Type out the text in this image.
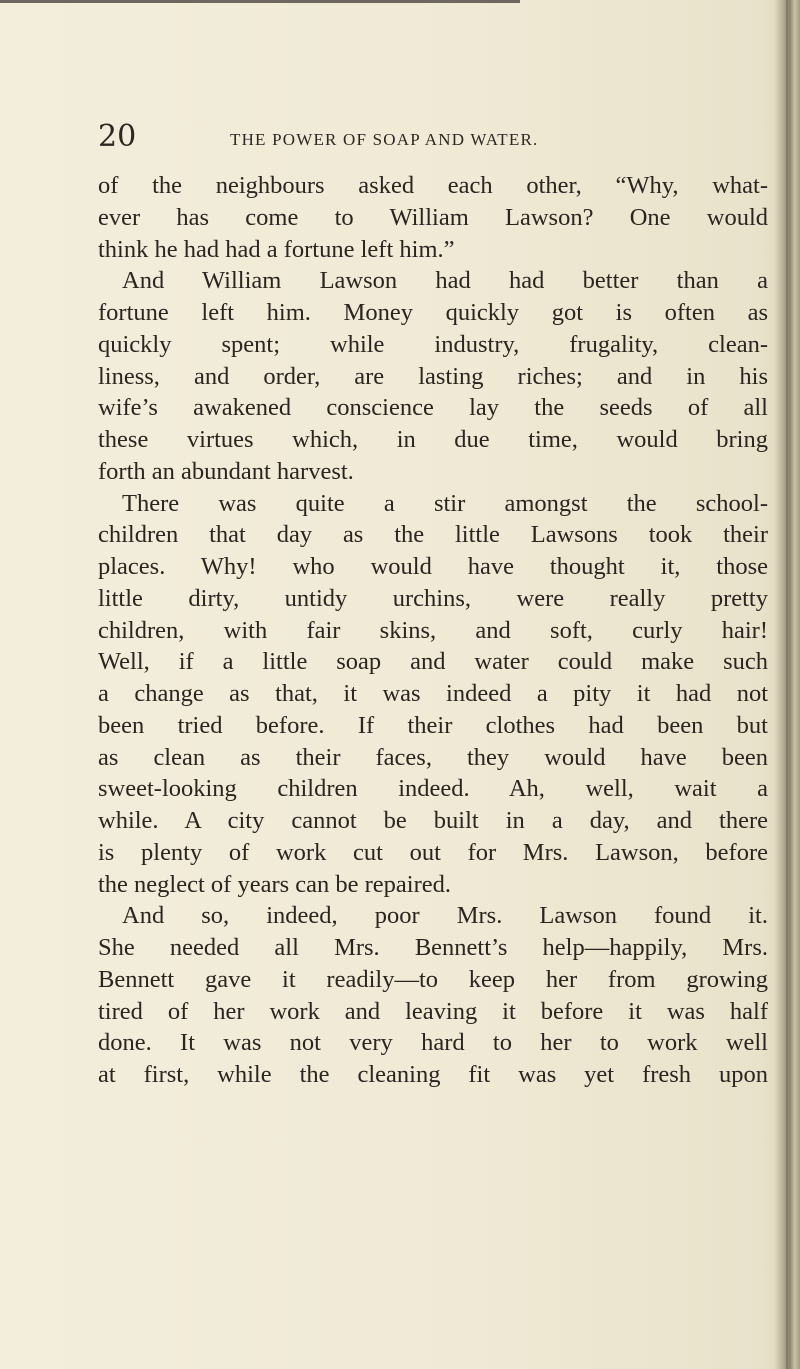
20	THE POWER OF SOAP AND WATER.
of the neighbours asked each other, “Why, what-
ever has come to William Lawson? One would
think he had had a fortune left him.”
And William Lawson had had better than a
fortune left him. Money quickly got is often as
quickly spent; while industry, frugality, clean-
liness, and order, are lasting riches; and in his
wife’s awakened conscience lay the seeds of all
these virtues which, in due time, would bring
forth an abundant harvest.
There was quite a stir amongst the school-
children that day as the little Lawsons took their
places. Why! who would have thought it, those
little dirty, untidy urchins, were really pretty
children, with fair skins, and soft, curly hair!
Well, if a little soap and water could make such
a change as that, it was indeed a pity it had not
been tried before. If their clothes had been but
as clean as their faces, they would have been
sweet-looking children indeed. Ah, well, wait a
while. A city cannot be built in a day, and there
is plenty of work cut out for Mrs. Lawson, before
the neglect of years can be repaired.
And so, indeed, poor Mrs. Lawson found it.
She needed all Mrs. Bennett’s help—happily, Mrs.
Bennett gave it readily—to keep her from growing
tired of her work and leaving it before it was half
done. It was not very hard to her to work well
at first, while the cleaning fit was yet fresh upon
